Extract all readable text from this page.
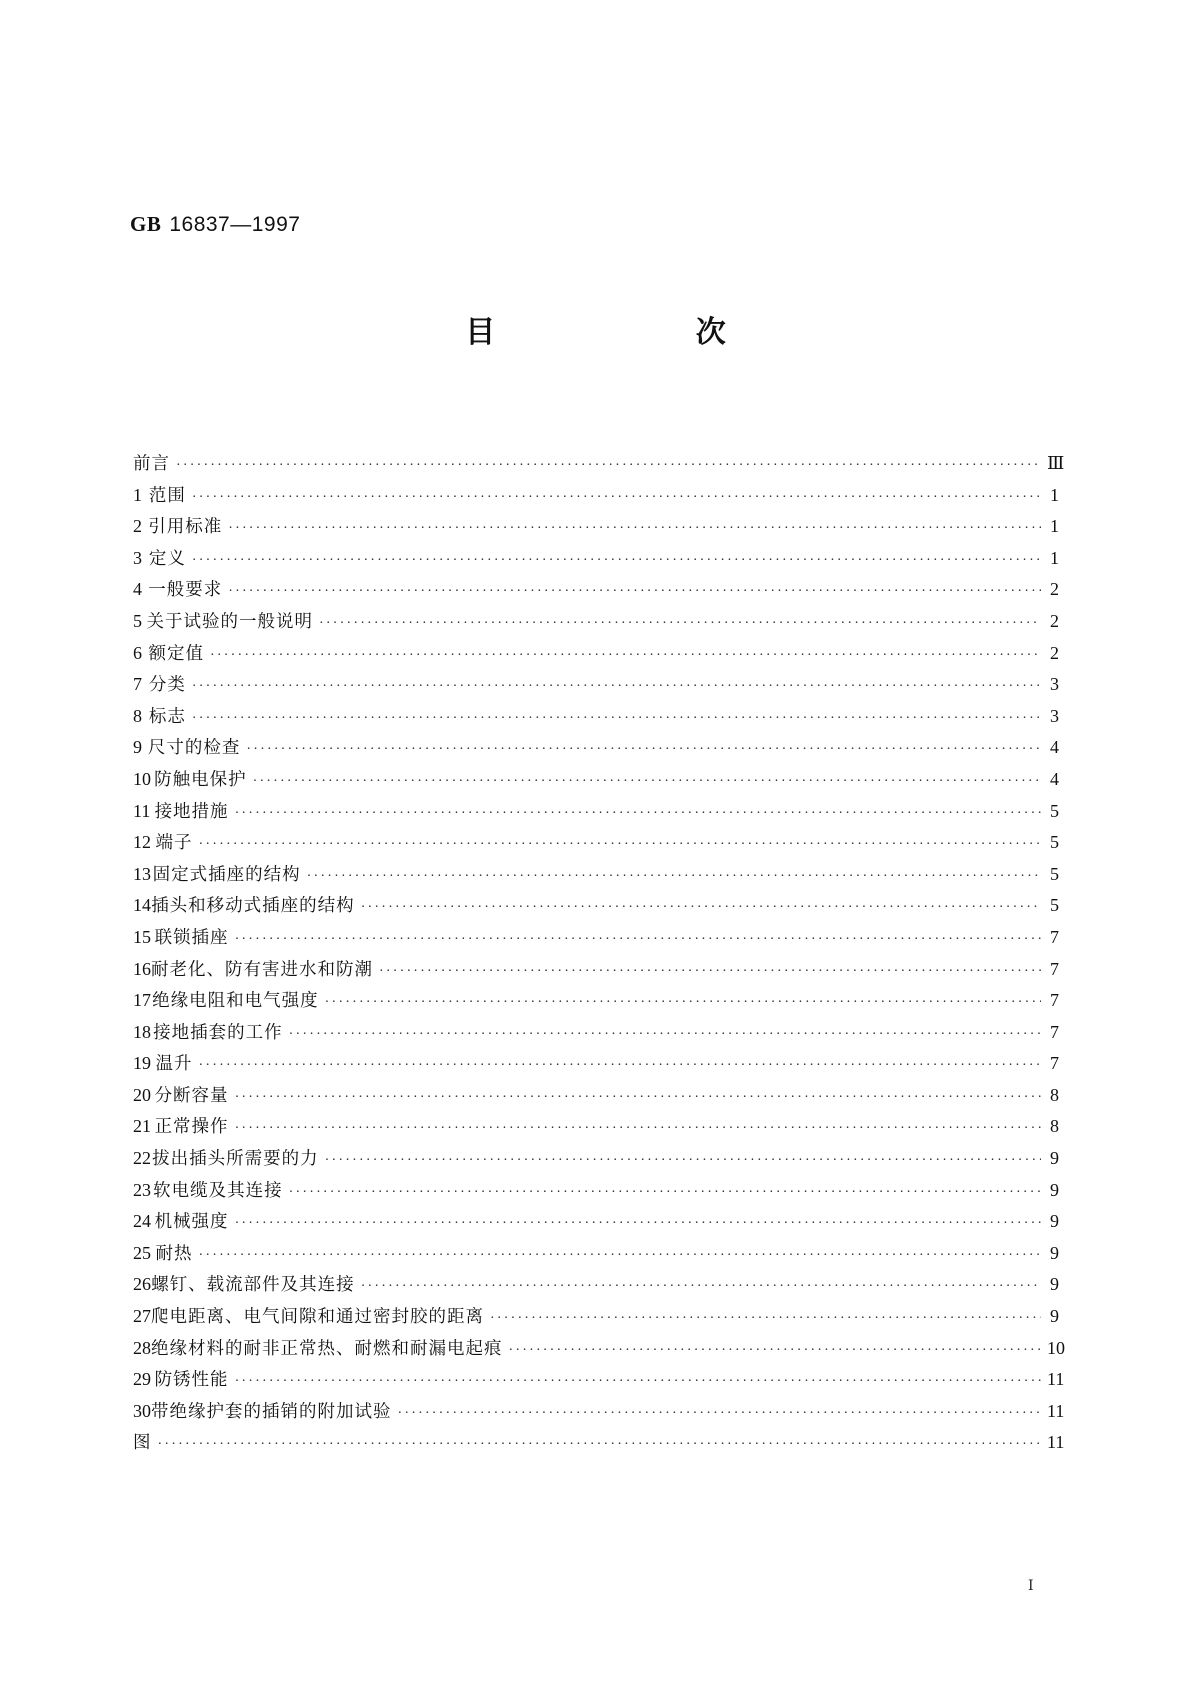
GB 16837—1997
目 次
前言 ·····	Ⅲ
1 范围 ·····	1
2 引用标准 ·····	1
3 定义 ·····	1
4 一般要求 ·····	2
5 关于试验的一般说明 ·····	2
6 额定值 ·····	2
7 分类 ·····	3
8 标志 ·····	3
9 尺寸的检查 ·····	4
10 防触电保护 ·····	4
11 接地措施 ·····	5
12 端子 ·····	5
13 固定式插座的结构 ·····	5
14 插头和移动式插座的结构 ·····	5
15 联锁插座 ·····	7
16 耐老化、防有害进水和防潮 ·····	7
17 绝缘电阻和电气强度 ·····	7
18 接地插套的工作 ·····	7
19 温升 ·····	7
20 分断容量 ·····	8
21 正常操作 ·····	8
22 拔出插头所需要的力 ·····	9
23 软电缆及其连接 ·····	9
24 机械强度 ·····	9
25 耐热 ·····	9
26 螺钉、载流部件及其连接 ·····	9
27 爬电距离、电气间隙和通过密封胶的距离 ·····	9
28 绝缘材料的耐非正常热、耐燃和耐漏电起痕 ·····	10
29 防锈性能 ·····	11
30 带绝缘护套的插销的附加试验 ·····	11
图 ·····	11
Ⅰ
